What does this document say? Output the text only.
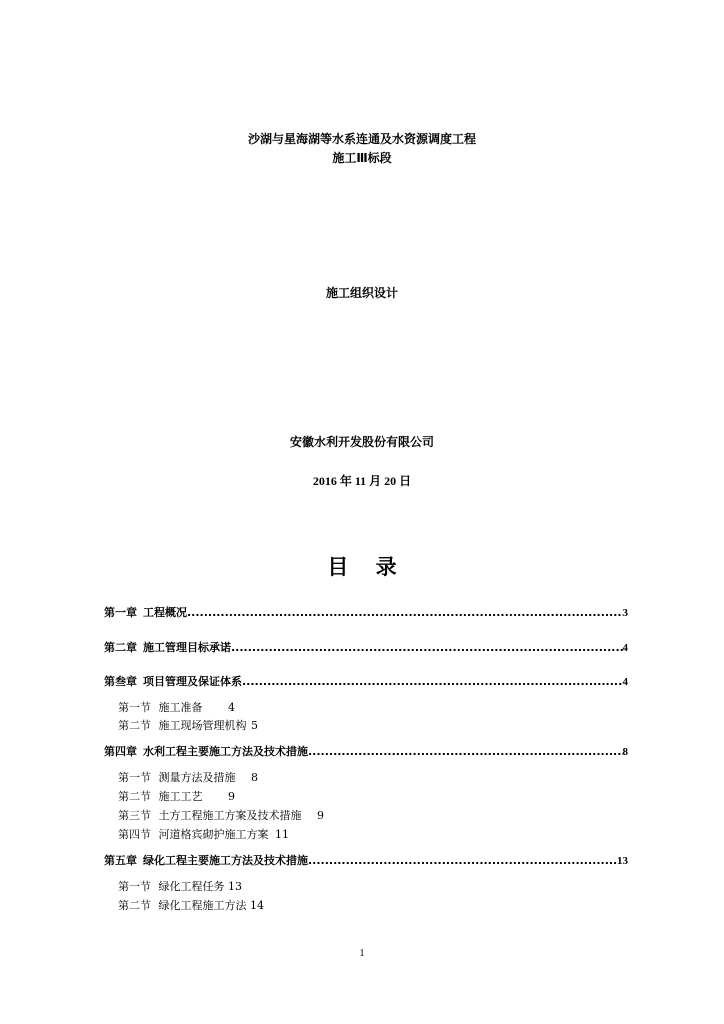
沙湖与星海湖等水系连通及水资源调度工程
施工Ⅲ标段
施工组织设计
安徽水利开发股份有限公司
2016 年 11 月 20 日
目 录
第一章 工程概况 .....	3
第二章 施工管理目标承诺 .....	4
第叁章 项目管理及保证体系 .....	4
第一节 施工准备 4
第二节 施工现场管理机构 5
第四章 水利工程主要施工方法及技术措施 .....	8
第一节 测量方法及措施 8
第二节 施工工艺 9
第三节 土方工程施工方案及技术措施 9
第四节 河道格宾砌护施工方案 11
第五章 绿化工程主要施工方法及技术措施 .....	13
第一节 绿化工程任务 13
第二节 绿化工程施工方法 14
1
